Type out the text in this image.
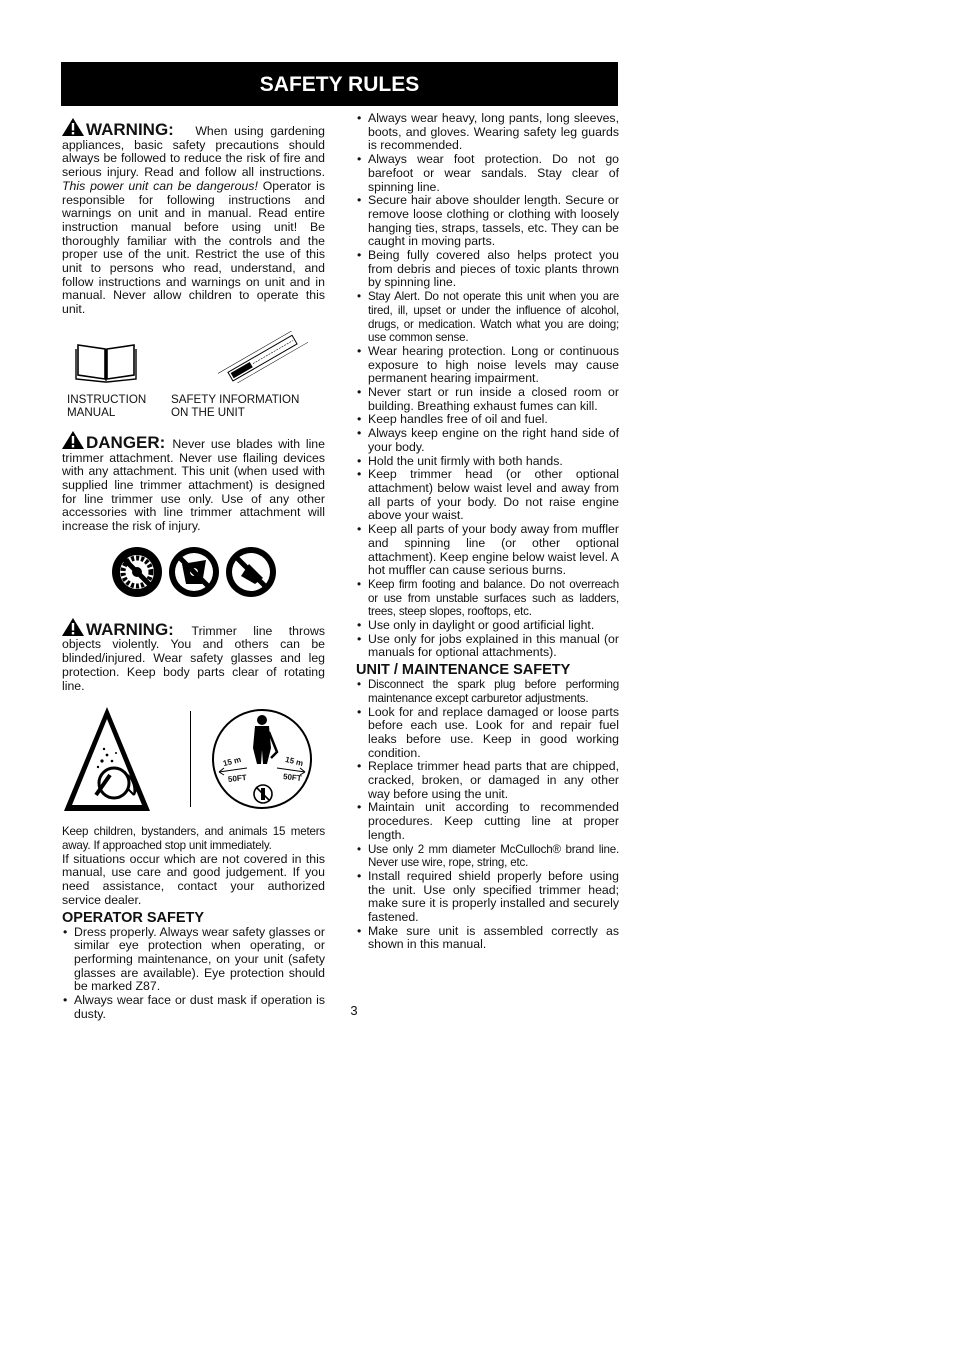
SAFETY RULES

WARNING: When using gardening appliances, basic safety precautions should always be followed to reduce the risk of fire and serious injury. Read and follow all instructions. This power unit can be dangerous! Operator is responsible for following instructions and warnings on unit and in manual. Read entire instruction manual before using unit! Be thoroughly familiar with the controls and the proper use of the unit. Restrict the use of this unit to persons who read, understand, and follow instructions and warnings on unit and in manual. Never allow children to operate this unit.

INSTRUCTION
MANUAL
SAFETY INFORMATION
ON THE UNIT

DANGER: Never use blades with line trimmer attachment. Never use flailing devices with any attachment. This unit (when used with supplied line trimmer attachment) is designed for line trimmer use only. Use of any other accessories with line trimmer attachment will increase the risk of injury.

WARNING: Trimmer line throws objects violently. You and others can be blinded/injured. Wear safety glasses and leg protection. Keep body parts clear of rotating line.

15 m
50FT
15 m
50FT

Keep children, bystanders, and animals 15 meters away. If approached stop unit immediately.

If situations occur which are not covered in this manual, use care and good judgement. If you need assistance, contact your authorized service dealer.

OPERATOR SAFETY
• Dress properly. Always wear safety glasses or similar eye protection when operating, or performing maintenance, on your unit (safety glasses are available). Eye protection should be marked Z87.
• Always wear face or dust mask if operation is dusty.
• Always wear heavy, long pants, long sleeves, boots, and gloves. Wearing safety leg guards is recommended.
• Always wear foot protection. Do not go barefoot or wear sandals. Stay clear of spinning line.
• Secure hair above shoulder length. Secure or remove loose clothing or clothing with loosely hanging ties, straps, tassels, etc. They can be caught in moving parts.
• Being fully covered also helps protect you from debris and pieces of toxic plants thrown by spinning line.
• Stay Alert. Do not operate this unit when you are tired, ill, upset or under the influence of alcohol, drugs, or medication. Watch what you are doing; use common sense.
• Wear hearing protection. Long or continuous exposure to high noise levels may cause permanent hearing impairment.
• Never start or run inside a closed room or building. Breathing exhaust fumes can kill.
• Keep handles free of oil and fuel.
• Always keep engine on the right hand side of your body.
• Hold the unit firmly with both hands.
• Keep trimmer head (or other optional attachment) below waist level and away from all parts of your body. Do not raise engine above your waist.
• Keep all parts of your body away from muffler and spinning line (or other optional attachment). Keep engine below waist level. A hot muffler can cause serious burns.
• Keep firm footing and balance. Do not overreach or use from unstable surfaces such as ladders, trees, steep slopes, rooftops, etc.
• Use only in daylight or good artificial light.
• Use only for jobs explained in this manual (or manuals for optional attachments).
UNIT / MAINTENANCE SAFETY
• Disconnect the spark plug before performing maintenance except carburetor adjustments.
• Look for and replace damaged or loose parts before each use. Look for and repair fuel leaks before use. Keep in good working condition.
• Replace trimmer head parts that are chipped, cracked, broken, or damaged in any other way before using the unit.
• Maintain unit according to recommended procedures. Keep cutting line at proper length.
• Use only 2 mm diameter McCulloch® brand line. Never use wire, rope, string, etc.
• Install required shield properly before using the unit. Use only specified trimmer head; make sure it is properly installed and securely fastened.
• Make sure unit is assembled correctly as shown in this manual.
3
